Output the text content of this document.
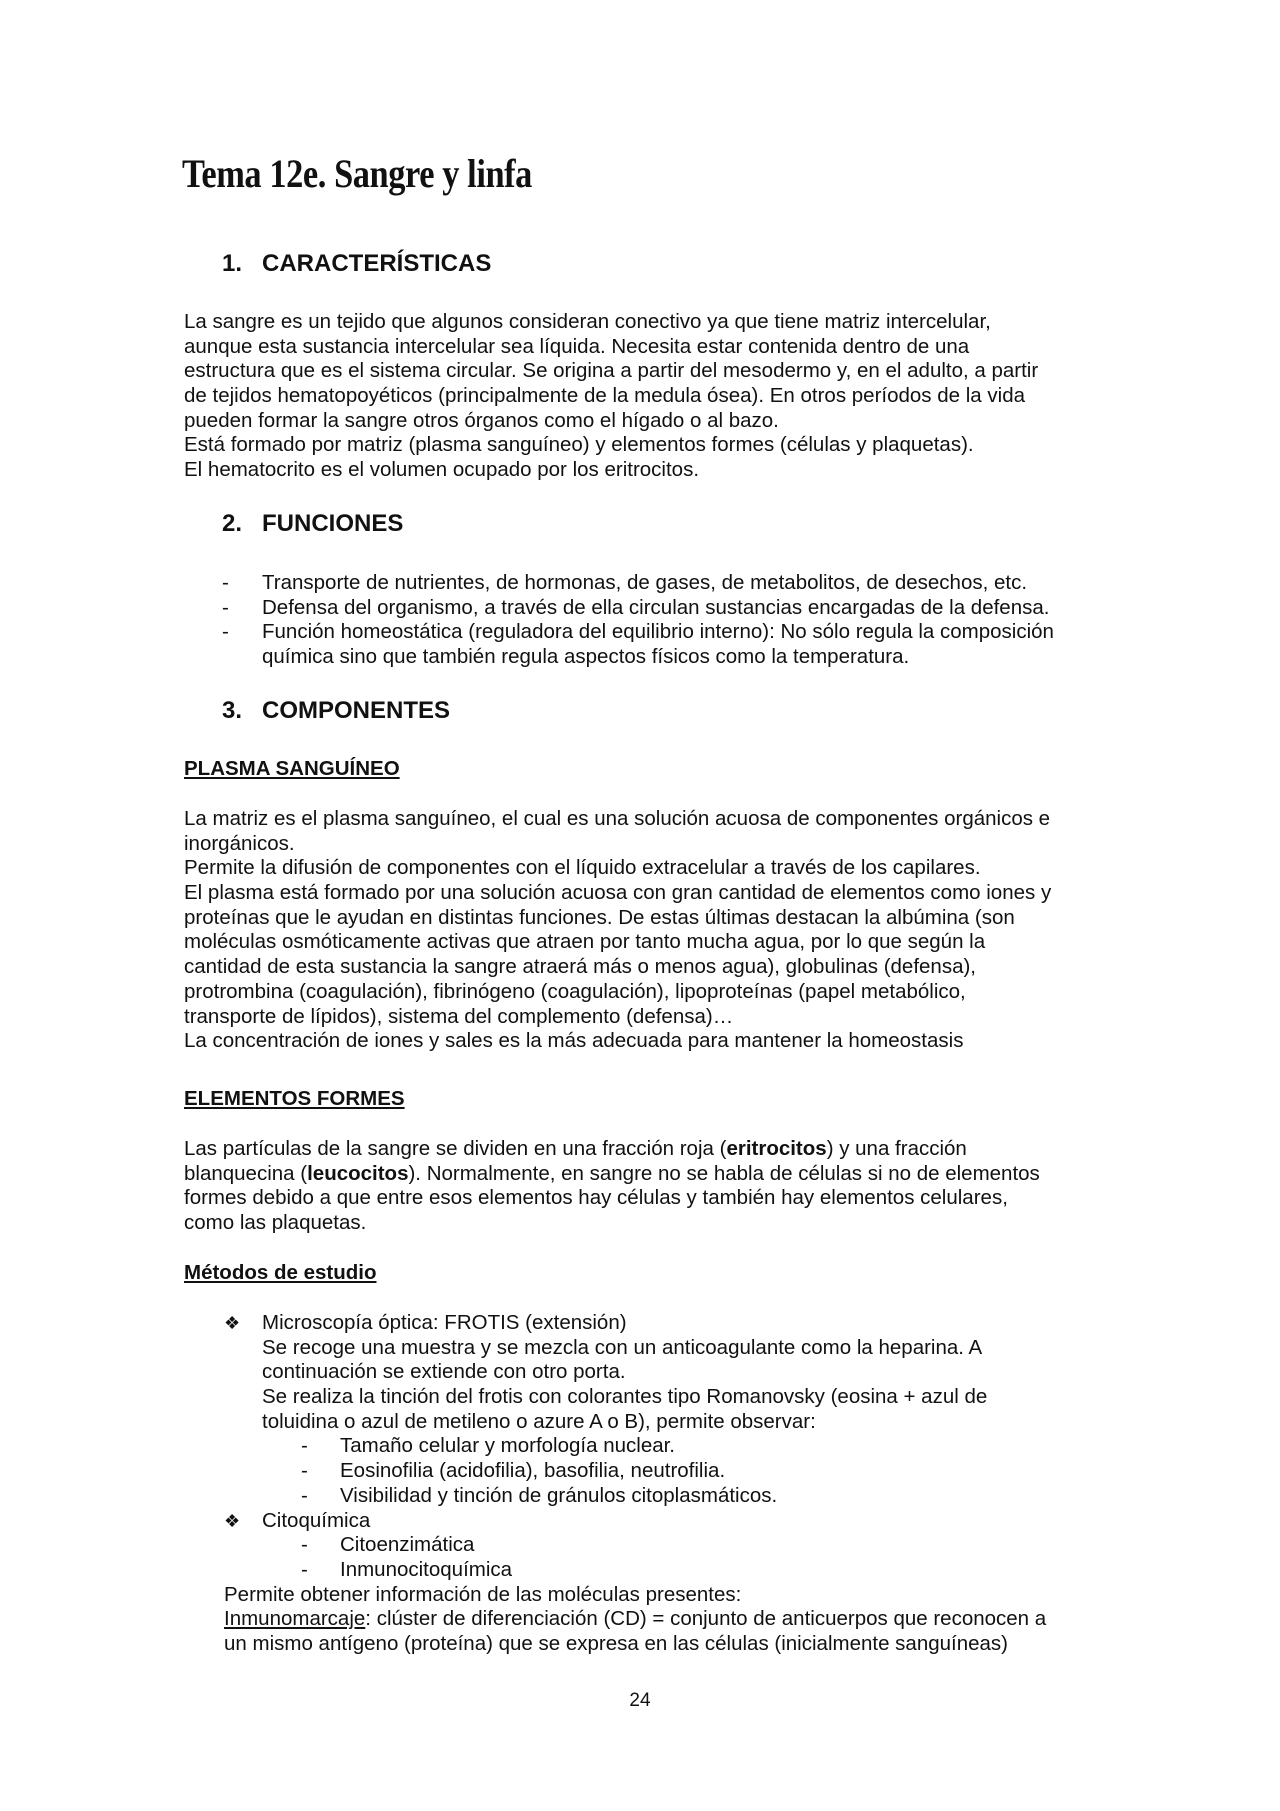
Tema 12e. Sangre y linfa
1. CARACTERÍSTICAS
La sangre es un tejido que algunos consideran conectivo ya que tiene matriz intercelular,
aunque esta sustancia intercelular sea líquida. Necesita estar contenida dentro de una
estructura que es el sistema circular. Se origina a partir del mesodermo y, en el adulto, a partir
de tejidos hematopoyéticos (principalmente de la medula ósea). En otros períodos de la vida
pueden formar la sangre otros órganos como el hígado o al bazo.
Está formado por matriz (plasma sanguíneo) y elementos formes (células y plaquetas).
El hematocrito es el volumen ocupado por los eritrocitos.
2. FUNCIONES
- Transporte de nutrientes, de hormonas, de gases, de metabolitos, de desechos, etc.
- Defensa del organismo, a través de ella circulan sustancias encargadas de la defensa.
- Función homeostática (reguladora del equilibrio interno): No sólo regula la composición
química sino que también regula aspectos físicos como la temperatura.
3. COMPONENTES
PLASMA SANGUÍNEO
La matriz es el plasma sanguíneo, el cual es una solución acuosa de componentes orgánicos e
inorgánicos.
Permite la difusión de componentes con el líquido extracelular a través de los capilares.
El plasma está formado por una solución acuosa con gran cantidad de elementos como iones y
proteínas que le ayudan en distintas funciones. De estas últimas destacan la albúmina (son
moléculas osmóticamente activas que atraen por tanto mucha agua, por lo que según la
cantidad de esta sustancia la sangre atraerá más o menos agua), globulinas (defensa),
protrombina (coagulación), fibrinógeno (coagulación), lipoproteínas (papel metabólico,
transporte de lípidos), sistema del complemento (defensa)…
La concentración de iones y sales es la más adecuada para mantener la homeostasis
ELEMENTOS FORMES
Las partículas de la sangre se dividen en una fracción roja (eritrocitos) y una fracción
blanquecina (leucocitos). Normalmente, en sangre no se habla de células si no de elementos
formes debido a que entre esos elementos hay células y también hay elementos celulares,
como las plaquetas.
Métodos de estudio
❖ Microscopía óptica: FROTIS (extensión)
Se recoge una muestra y se mezcla con un anticoagulante como la heparina. A
continuación se extiende con otro porta.
Se realiza la tinción del frotis con colorantes tipo Romanovsky (eosina + azul de
toluidina o azul de metileno o azure A o B), permite observar:
- Tamaño celular y morfología nuclear.
- Eosinofilia (acidofilia), basofilia, neutrofilia.
- Visibilidad y tinción de gránulos citoplasmáticos.
❖ Citoquímica
- Citoenzimática
- Inmunocitoquímica
Permite obtener información de las moléculas presentes:
Inmunomarcaje: clúster de diferenciación (CD) = conjunto de anticuerpos que reconocen a
un mismo antígeno (proteína) que se expresa en las células (inicialmente sanguíneas)
24
